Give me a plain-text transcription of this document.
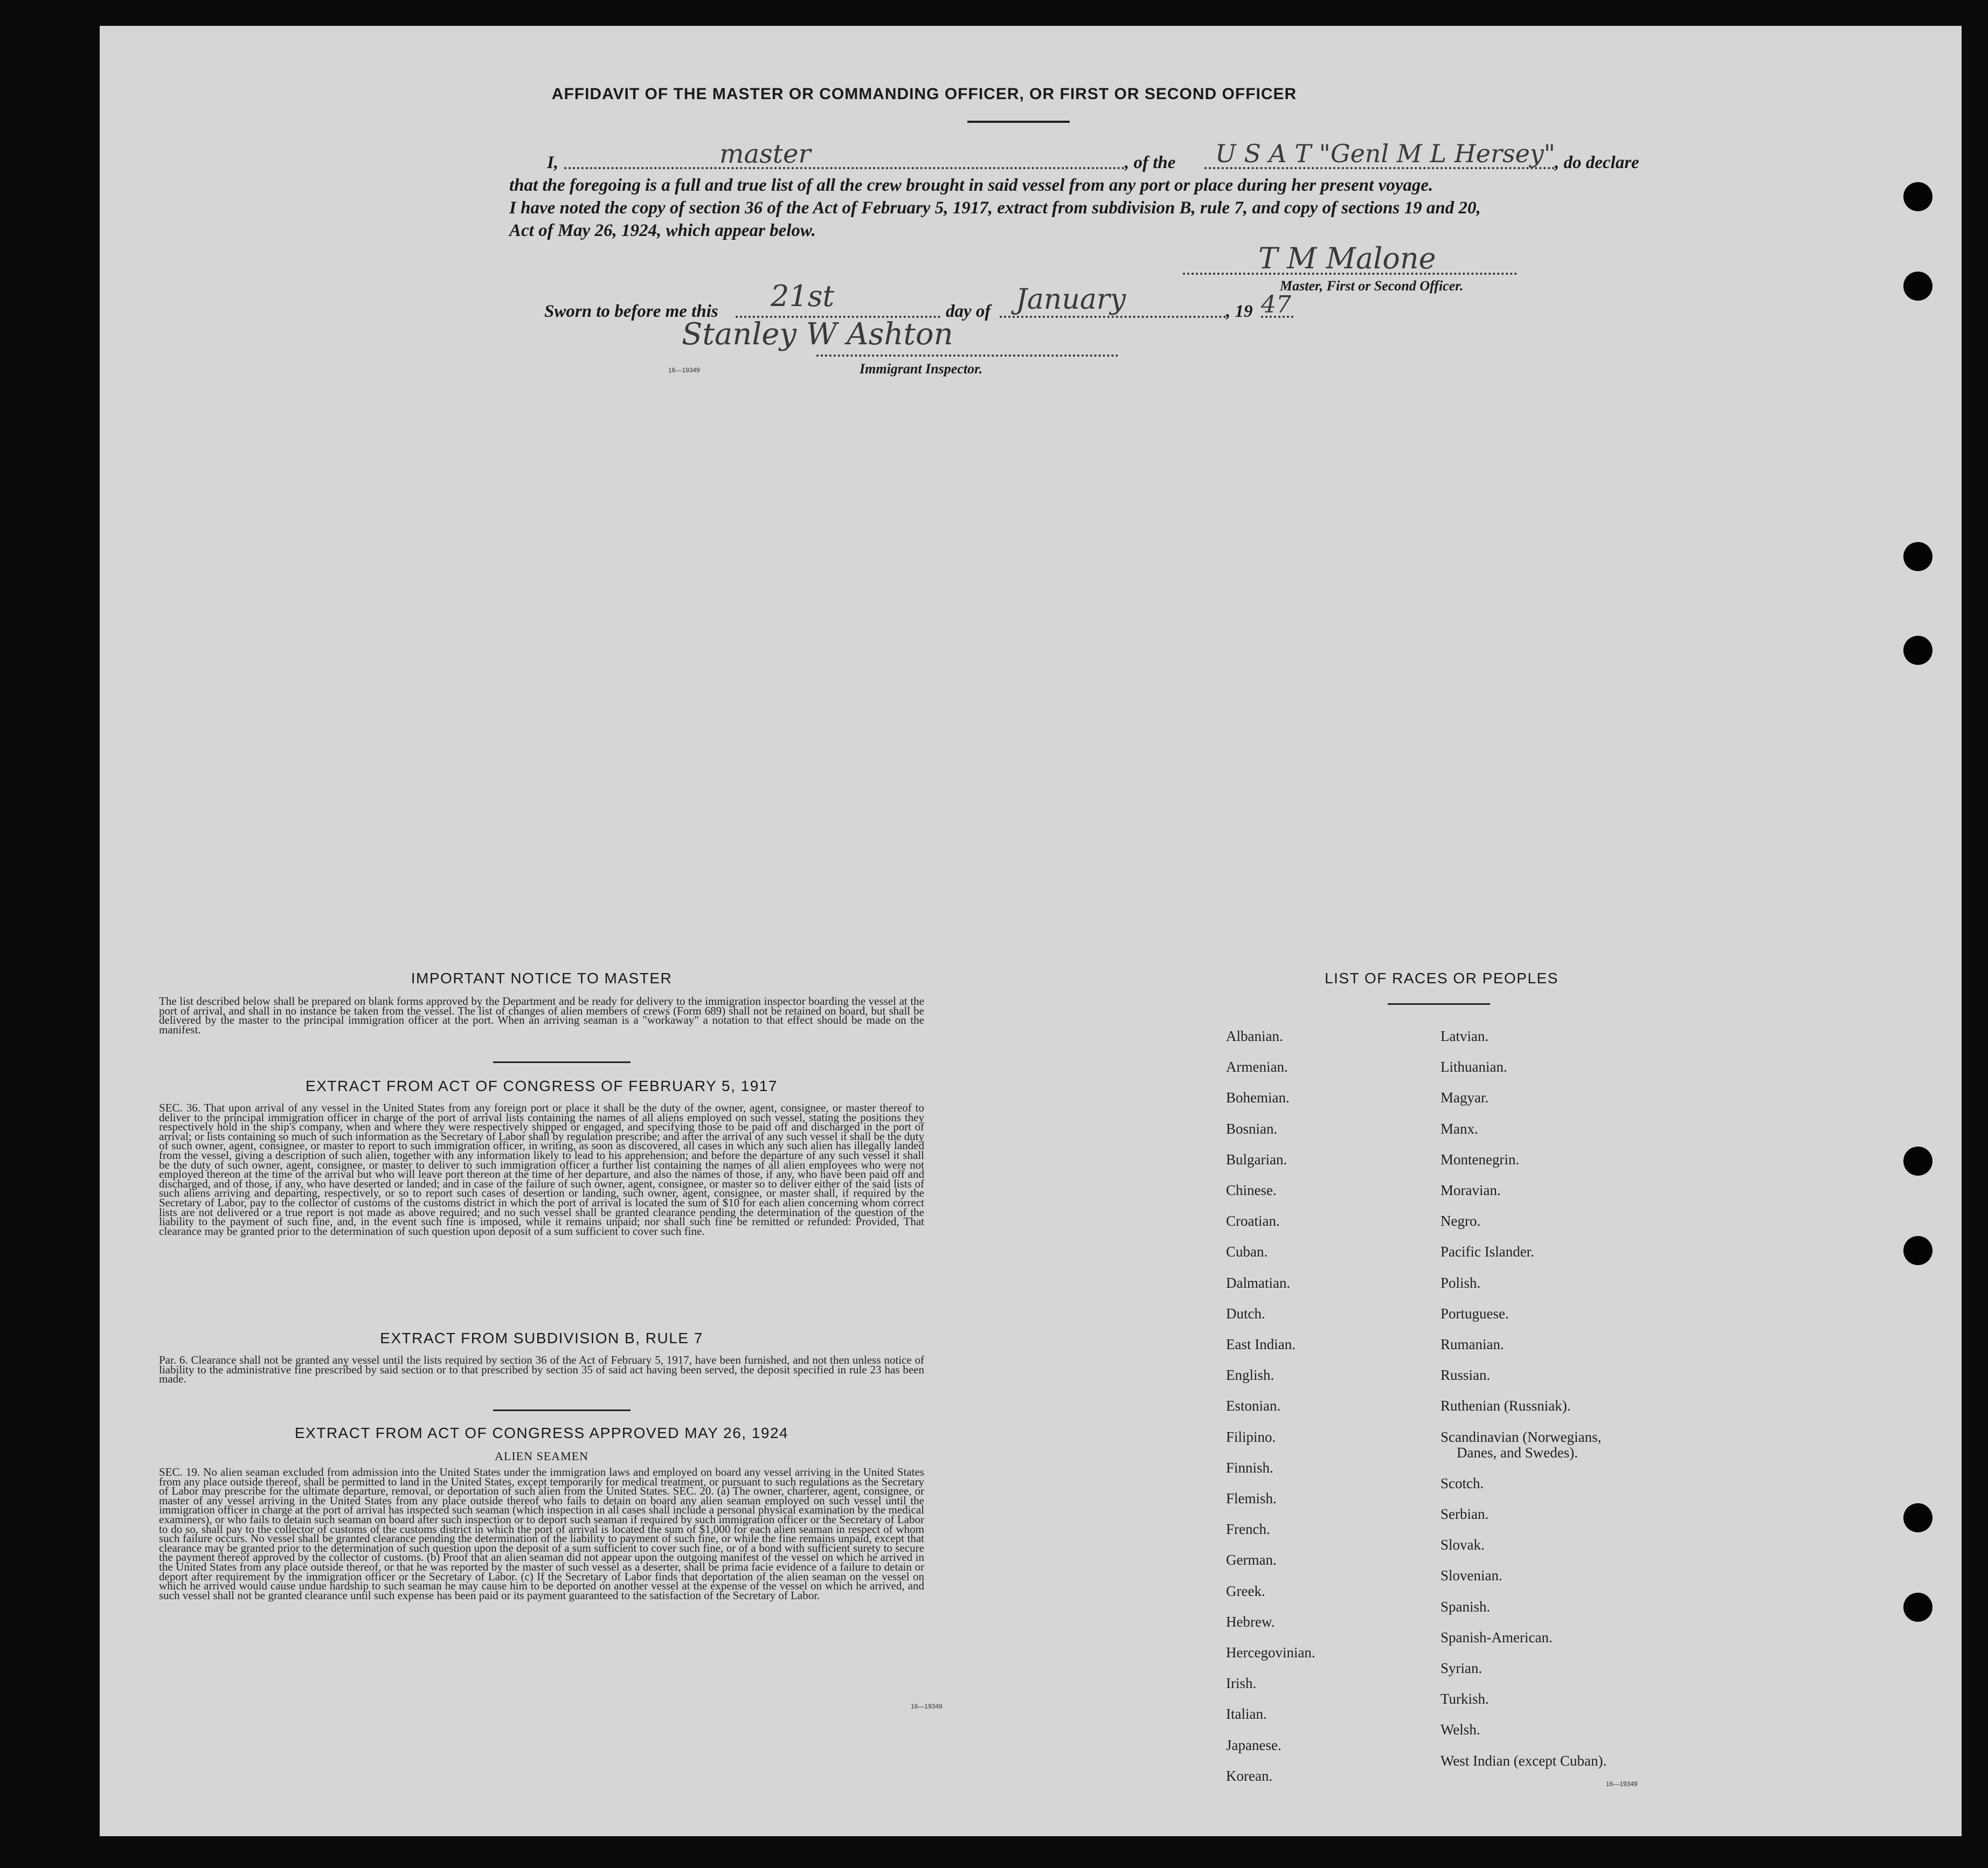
AFFIDAVIT OF THE MASTER OR COMMANDING OFFICER, OR FIRST OR SECOND OFFICER
I,	master	, of the U S A T "Genl M L Hersey" , do declare
that the foregoing is a full and true list of all the crew brought in said vessel from any port or place during her present voyage.
I have noted the copy of section 36 of the Act of February 5, 1917, extract from subdivision B, rule 7, and copy of sections 19 and 20,
Act of May 26, 1924, which appear below.
T M Malone
Master, First or Second Officer.
Sworn to before me this 21st	day of January	, 19 47
Stanley W Ashton
16—19349	Immigrant Inspector.
IMPORTANT NOTICE TO MASTER
The list described below shall be prepared on blank forms approved by the Department and be ready for delivery to the immigration inspector boarding the vessel at the port of arrival, and shall in no instance be taken from the vessel. The list of changes of alien members of crews (Form 689) shall not be retained on board, but shall be delivered by the master to the principal immigration officer at the port. When an arriving seaman is a "workaway" a notation to that effect should be made on the manifest.
EXTRACT FROM ACT OF CONGRESS OF FEBRUARY 5, 1917
SEC. 36. That upon arrival of any vessel in the United States from any foreign port or place it shall be the duty of the owner, agent, consignee, or master thereof to deliver to the principal immigration officer in charge of the port of arrival lists containing the names of all aliens employed on such vessel, stating the positions they respectively hold in the ship's company, when and where they were respectively shipped or engaged, and specifying those to be paid off and discharged in the port of arrival; or lists containing so much of such information as the Secretary of Labor shall by regulation prescribe; and after the arrival of any such vessel it shall be the duty of such owner, agent, consignee, or master to report to such immigration officer, in writing, as soon as discovered, all cases in which any such alien has illegally landed from the vessel, giving a description of such alien, together with any information likely to lead to his apprehension; and before the departure of any such vessel it shall be the duty of such owner, agent, consignee, or master to deliver to such immigration officer a further list containing the names of all alien employees who were not employed thereon at the time of the arrival but who will leave port thereon at the time of her departure, and also the names of those, if any, who have been paid off and discharged, and of those, if any, who have deserted or landed; and in case of the failure of such owner, agent, consignee, or master so to deliver either of the said lists of such aliens arriving and departing, respectively, or so to report such cases of desertion or landing, such owner, agent, consignee, or master shall, if required by the Secretary of Labor, pay to the collector of customs of the customs district in which the port of arrival is located the sum of $10 for each alien concerning whom correct lists are not delivered or a true report is not made as above required; and no such vessel shall be granted clearance pending the determination of the question of the liability to the payment of such fine, and, in the event such fine is imposed, while it remains unpaid; nor shall such fine be remitted or refunded: Provided, That clearance may be granted prior to the determination of such question upon deposit of a sum sufficient to cover such fine.
EXTRACT FROM SUBDIVISION B, RULE 7
Par. 6. Clearance shall not be granted any vessel until the lists required by section 36 of the Act of February 5, 1917, have been furnished, and not then unless notice of liability to the administrative fine prescribed by said section or to that prescribed by section 35 of said act having been served, the deposit specified in rule 23 has been made.
EXTRACT FROM ACT OF CONGRESS APPROVED MAY 26, 1924
ALIEN SEAMEN
SEC. 19. No alien seaman excluded from admission into the United States under the immigration laws and employed on board any vessel arriving in the United States from any place outside thereof, shall be permitted to land in the United States, except temporarily for medical treatment, or pursuant to such regulations as the Secretary of Labor may prescribe for the ultimate departure, removal, or deportation of such alien from the United States. SEC. 20. (a) The owner, charterer, agent, consignee, or master of any vessel arriving in the United States from any place outside thereof who fails to detain on board any alien seaman employed on such vessel until the immigration officer in charge at the port of arrival has inspected such seaman (which inspection in all cases shall include a personal physical examination by the medical examiners), or who fails to detain such seaman on board after such inspection or to deport such seaman if required by such immigration officer or the Secretary of Labor to do so, shall pay to the collector of customs of the customs district in which the port of arrival is located the sum of $1,000 for each alien seaman in respect of whom such failure occurs. No vessel shall be granted clearance pending the determination of the liability to payment of such fine, or while the fine remains unpaid, except that clearance may be granted prior to the determination of such question upon the deposit of a sum sufficient to cover such fine, or of a bond with sufficient surety to secure the payment thereof approved by the collector of customs. (b) Proof that an alien seaman did not appear upon the outgoing manifest of the vessel on which he arrived in the United States from any place outside thereof, or that he was reported by the master of such vessel as a deserter, shall be prima facie evidence of a failure to detain or deport after requirement by the immigration officer or the Secretary of Labor. (c) If the Secretary of Labor finds that deportation of the alien seaman on the vessel on which he arrived would cause undue hardship to such seaman he may cause him to be deported on another vessel at the expense of the vessel on which he arrived, and such vessel shall not be granted clearance until such expense has been paid or its payment guaranteed to the satisfaction of the Secretary of Labor.
16—19349
LIST OF RACES OR PEOPLES
Albanian.
Armenian.
Bohemian.
Bosnian.
Bulgarian.
Chinese.
Croatian.
Cuban.
Dalmatian.
Dutch.
East Indian.
English.
Estonian.
Filipino.
Finnish.
Flemish.
French.
German.
Greek.
Hebrew.
Hercegovinian.
Irish.
Italian.
Japanese.
Korean.
Latvian.
Lithuanian.
Magyar.
Manx.
Montenegrin.
Moravian.
Negro.
Pacific Islander.
Polish.
Portuguese.
Rumanian.
Russian.
Ruthenian (Russniak).
Scandinavian (Norwegians,
Danes, and Swedes).
Scotch.
Serbian.
Slovak.
Slovenian.
Spanish.
Spanish-American.
Syrian.
Turkish.
Welsh.
West Indian (except Cuban).
16—19349
